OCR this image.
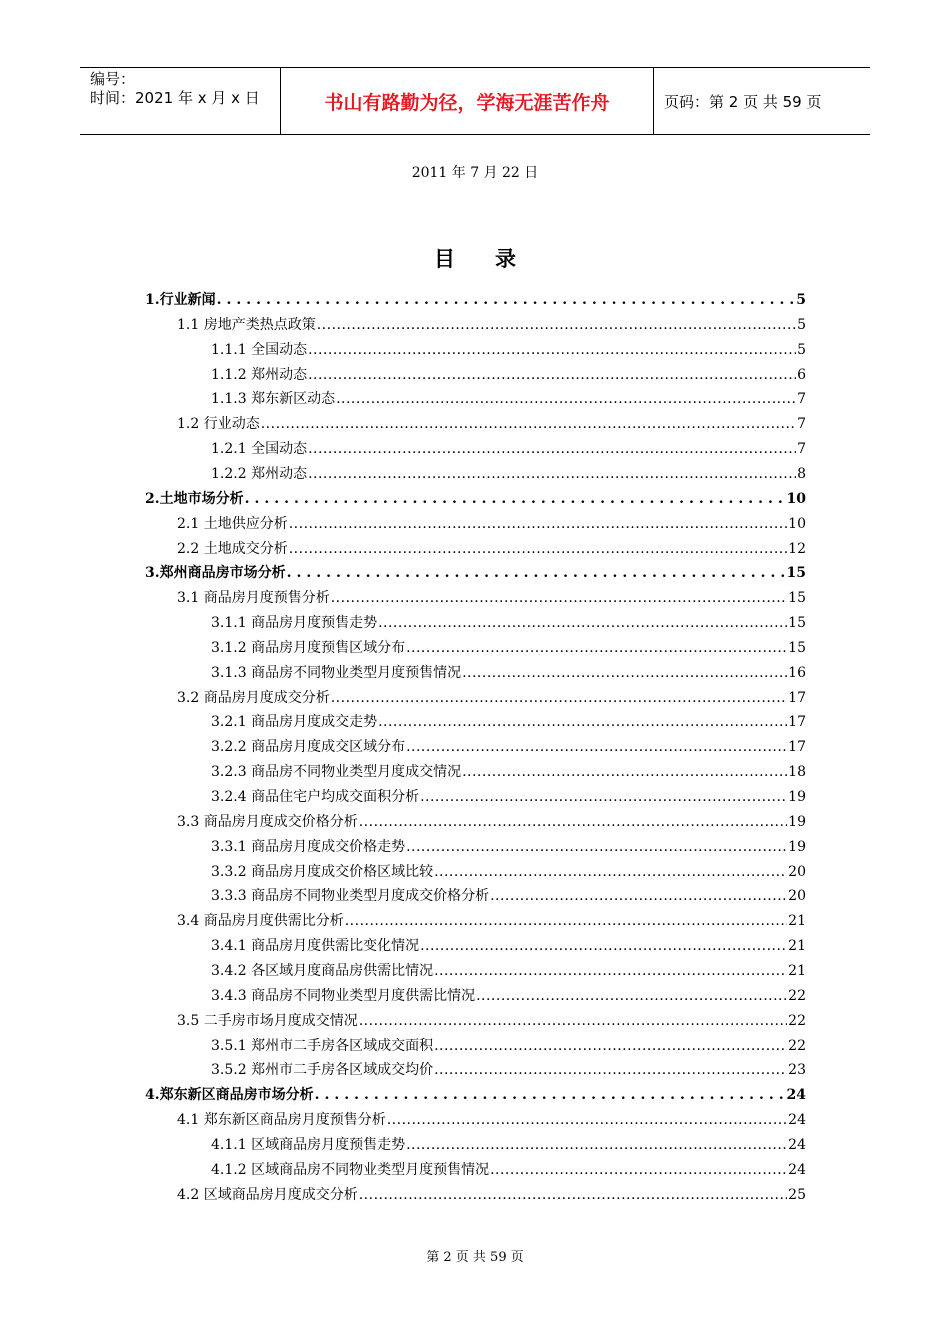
编号：
时间：2021 年 x 月 x 日	书山有路勤为径，学海无涯苦作舟	页码：第 2 页 共 59 页
2011 年 7 月 22 日
目录
1.行业新闻 .....	5
1.1 房地产类热点政策 .....	5
1.1.1 全国动态 .....	5
1.1.2 郑州动态 .....	6
1.1.3 郑东新区动态 .....	7
1.2 行业动态 .....	7
1.2.1 全国动态 .....	7
1.2.2 郑州动态 .....	8
2.土地市场分析 .....	10
2.1 土地供应分析 .....	10
2.2 土地成交分析 .....	12
3.郑州商品房市场分析 .....	15
3.1 商品房月度预售分析 .....	15
3.1.1 商品房月度预售走势 .....	15
3.1.2 商品房月度预售区域分布 .....	15
3.1.3 商品房不同物业类型月度预售情况 .....	16
3.2 商品房月度成交分析 .....	17
3.2.1 商品房月度成交走势 .....	17
3.2.2 商品房月度成交区域分布 .....	17
3.2.3 商品房不同物业类型月度成交情况 .....	18
3.2.4 商品住宅户均成交面积分析 .....	19
3.3 商品房月度成交价格分析 .....	19
3.3.1 商品房月度成交价格走势 .....	19
3.3.2 商品房月度成交价格区域比较 .....	20
3.3.3 商品房不同物业类型月度成交价格分析 .....	20
3.4 商品房月度供需比分析 .....	21
3.4.1 商品房月度供需比变化情况 .....	21
3.4.2 各区域月度商品房供需比情况 .....	21
3.4.3 商品房不同物业类型月度供需比情况 .....	22
3.5 二手房市场月度成交情况 .....	22
3.5.1 郑州市二手房各区域成交面积 .....	22
3.5.2 郑州市二手房各区域成交均价 .....	23
4.郑东新区商品房市场分析 .....	24
4.1 郑东新区商品房月度预售分析 .....	24
4.1.1 区域商品房月度预售走势 .....	24
4.1.2 区域商品房不同物业类型月度预售情况 .....	24
4.2 区域商品房月度成交分析 .....	25
第 2 页 共 59 页
